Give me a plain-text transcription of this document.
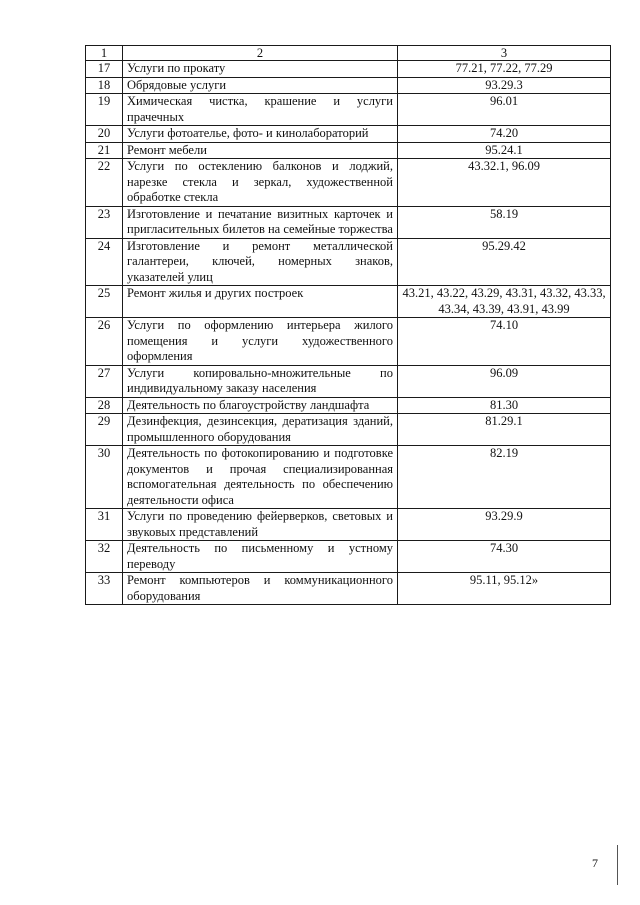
1	2	3
17	Услуги по прокату	77.21, 77.22, 77.29
18	Обрядовые услуги	93.29.3
19	Химическая чистка, крашение и услуги прачечных	96.01
20	Услуги фотоателье, фото- и кинолабораторий	74.20
21	Ремонт мебели	95.24.1
22	Услуги по остеклению балконов и лоджий, нарезке стекла и зеркал, художественной обработке стекла	43.32.1, 96.09
23	Изготовление и печатание визитных карточек и пригласительных билетов на семейные торжества	58.19
24	Изготовление и ремонт металлической галантереи, ключей, номерных знаков, указателей улиц	95.29.42
25	Ремонт жилья и других построек	43.21, 43.22, 43.29, 43.31, 43.32, 43.33, 43.34, 43.39, 43.91, 43.99
26	Услуги по оформлению интерьера жилого помещения и услуги художественного оформления	74.10
27	Услуги копировально-множительные по индивидуальному заказу населения	96.09
28	Деятельность по благоустройству ландшафта	81.30
29	Дезинфекция, дезинсекция, дератизация зданий, промышленного оборудования	81.29.1
30	Деятельность по фотокопированию и подготовке документов и прочая специализированная вспомогательная деятельность по обеспечению деятельности офиса	82.19
31	Услуги по проведению фейерверков, световых и звуковых представлений	93.29.9
32	Деятельность по письменному и устному переводу	74.30
33	Ремонт компьютеров и коммуникационного оборудования	95.11, 95.12»
7
